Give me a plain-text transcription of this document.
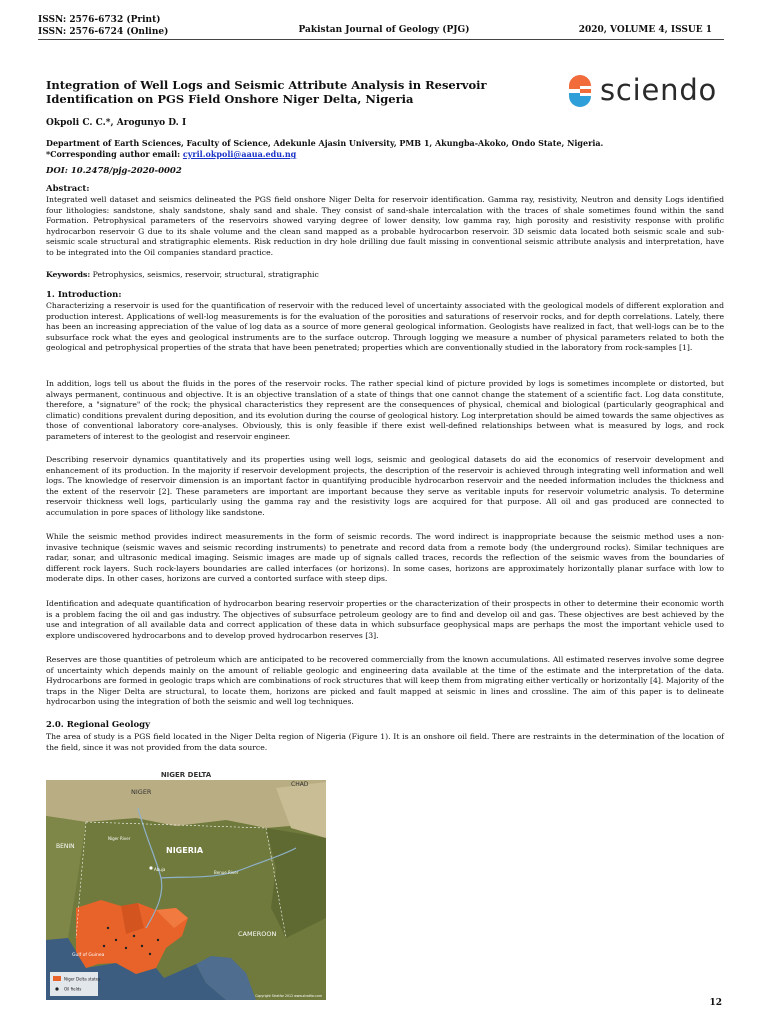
ISSN: 2576-6732 (Print)
ISSN: 2576-6724 (Online)	Pakistan Journal of Geology (PJG)	2020, VOLUME 4, ISSUE 1
Integration of Well Logs and Seismic Attribute Analysis in Reservoir Identification on PGS Field Onshore Niger Delta, Nigeria	sciendo
Okpoli C. C.*, Arogunyo D. I
Department of Earth Sciences, Faculty of Science, Adekunle Ajasin University, PMB 1, Akungba-Akoko, Ondo State, Nigeria.
*Corresponding author email: cyril.okpoli@aaua.edu.ng
DOI: 10.2478/pjg-2020-0002
Abstract:
Integrated well dataset and seismics delineated the PGS field onshore Niger Delta for reservoir identification. Gamma ray, resistivity, Neutron and density Logs identified four lithologies: sandstone, shaly sandstone, shaly sand and shale. They consist of sand-shale intercalation with the traces of shale sometimes found within the sand Formation. Petrophysical parameters of the reservoirs showed varying degree of lower density, low gamma ray, high porosity and resistivity response with prolific hydrocarbon reservoir G due to its shale volume and the clean sand mapped as a probable hydrocarbon reservoir. 3D seismic data located both seismic scale and sub- seismic scale structural and stratigraphic elements. Risk reduction in dry hole drilling due fault missing in conventional seismic attribute analysis and interpretation, have to be integrated into the Oil companies standard practice.
Keywords: Petrophysics, seismics, reservoir, structural, stratigraphic
1. Introduction:
Characterizing a reservoir is used for the quantification of reservoir with the reduced level of uncertainty associated with the geological models of different exploration and production interest. Applications of well-log measurements is for the evaluation of the porosities and saturations of reservoir rocks, and for depth correlations. Lately, there has been an increasing appreciation of the value of log data as a source of more general geological information. Geologists have realized in fact, that well-logs can be to the subsurface rock what the eyes and geological instruments are to the surface outcrop. Through logging we measure a number of physical parameters related to both the geological and petrophysical properties of the strata that have been penetrated; properties which are conventionally studied in the laboratory from rock-samples [1].
In addition, logs tell us about the fluids in the pores of the reservoir rocks. The rather special kind of picture provided by logs is sometimes incomplete or distorted, but always permanent, continuous and objective. It is an objective translation of a state of things that one cannot change the statement of a scientific fact. Log data constitute, therefore, a "signature" of the rock; the physical characteristics they represent are the consequences of physical, chemical and biological (particularly geographical and climatic) conditions prevalent during deposition, and its evolution during the course of geological history. Log interpretation should be aimed towards the same objectives as those of conventional laboratory core-analyses. Obviously, this is only feasible if there exist well-defined relationships between what is measured by logs, and rock parameters of interest to the geologist and reservoir engineer.
Describing reservoir dynamics quantitatively and its properties using well logs, seismic and geological datasets do aid the economics of reservoir development and enhancement of its production. In the majority if reservoir development projects, the description of the reservoir is achieved through integrating well information and well logs. The knowledge of reservoir dimension is an important factor in quantifying producible hydrocarbon reservoir and the needed information includes the thickness and the extent of the reservoir [2]. These parameters are important are important because they serve as veritable inputs for reservoir volumetric analysis. To determine reservoir thickness well logs, particularly using the gamma ray and the resistivity logs are acquired for that purpose. All oil and gas produced are connected to accumulation in pore spaces of lithology like sandstone.
While the seismic method provides indirect measurements in the form of seismic records. The word indirect is inappropriate because the seismic method uses a non-invasive technique (seismic waves and seismic recording instruments) to penetrate and record data from a remote body (the underground rocks). Similar techniques are radar, sonar, and ultrasonic medical imaging. Seismic images are made up of signals called traces, records the reflection of the seismic waves from the boundaries of different rock layers. Such rock-layers boundaries are called interfaces (or horizons). In some cases, horizons are approximately horizontally planar surface with low to moderate dips. In other cases, horizons are curved a contorted surface with steep dips.
Identification and adequate quantification of hydrocarbon bearing reservoir properties or the characterization of their prospects in other to determine their economic worth is a problem facing the oil and gas industry. The objectives of subsurface petroleum geology are to find and develop oil and gas. These objectives are best achieved by the use and integration of all available data and correct application of these data in which subsurface geophysical maps are perhaps the most the important vehicle used to explore undiscovered hydrocarbons and to develop proved hydrocarbon reserves [3].
Reserves are those quantities of petroleum which are anticipated to be recovered commercially from the known accumulations. All estimated reserves involve some degree of uncertainty which depends mainly on the amount of reliable geologic and engineering data available at the time of the estimate and the interpretation of the data. Hydrocarbons are formed in geologic traps which are combinations of rock structures that will keep them from migrating either vertically or horizontally [4]. Majority of the traps in the Niger Delta are structural, to locate them, horizons are picked and fault mapped at seismic in lines and crossline. The aim of this paper is to delineate hydrocarbon using the integration of both the seismic and well log techniques.
2.0. Regional Geology
The area of study is a PGS field located in the Niger Delta region of Nigeria (Figure 1). It is an onshore oil field. There are restraints in the determination of the location of the field, since it was not provided from the data source.
NIGER DELTA
NIGER
CHAD
BENIN	NIGERIA
CAMEROON
Niger River
Abuja
Benue River
Gulf of Guinea
Niger Delta states
Oil fields
Copyright Stratfor 2012 www.stratfor.com
12
